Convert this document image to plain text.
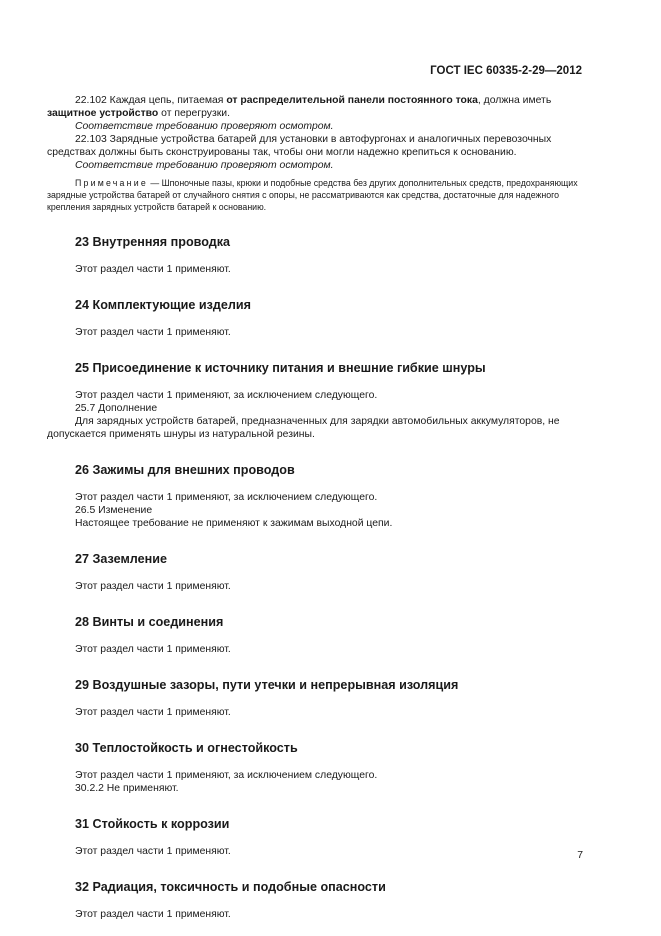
ГОСТ IEC 60335-2-29—2012

22.102 Каждая цепь, питаемая от распределительной панели постоянного тока, должна иметь защитное устройство от перегрузки.

Соответствие требованию проверяют осмотром.

22.103 Зарядные устройства батарей для установки в автофургонах и аналогичных перевозочных средствах должны быть сконструированы так, чтобы они могли надежно крепиться к основанию.

Соответствие требованию проверяют осмотром.

Примечание — Шпоночные пазы, крюки и подобные средства без других дополнительных средств, предохраняющих зарядные устройства батарей от случайного снятия с опоры, не рассматриваются как средства, достаточные для надежного крепления зарядных устройств батарей к основанию.

23 Внутренняя проводка

Этот раздел части 1 применяют.

24 Комплектующие изделия

Этот раздел части 1 применяют.

25 Присоединение к источнику питания и внешние гибкие шнуры

Этот раздел части 1 применяют, за исключением следующего.

25.7 Дополнение

Для зарядных устройств батарей, предназначенных для зарядки автомобильных аккумуляторов, не допускается применять шнуры из натуральной резины.

26 Зажимы для внешних проводов

Этот раздел части 1 применяют, за исключением следующего.

26.5 Изменение

Настоящее требование не применяют к зажимам выходной цепи.

27 Заземление

Этот раздел части 1 применяют.

28 Винты и соединения

Этот раздел части 1 применяют.

29 Воздушные зазоры, пути утечки и непрерывная изоляция

Этот раздел части 1 применяют.

30 Теплостойкость и огнестойкость

Этот раздел части 1 применяют, за исключением следующего.

30.2.2 Не применяют.

31 Стойкость к коррозии

Этот раздел части 1 применяют.

32 Радиация, токсичность и подобные опасности

Этот раздел части 1 применяют.

7
